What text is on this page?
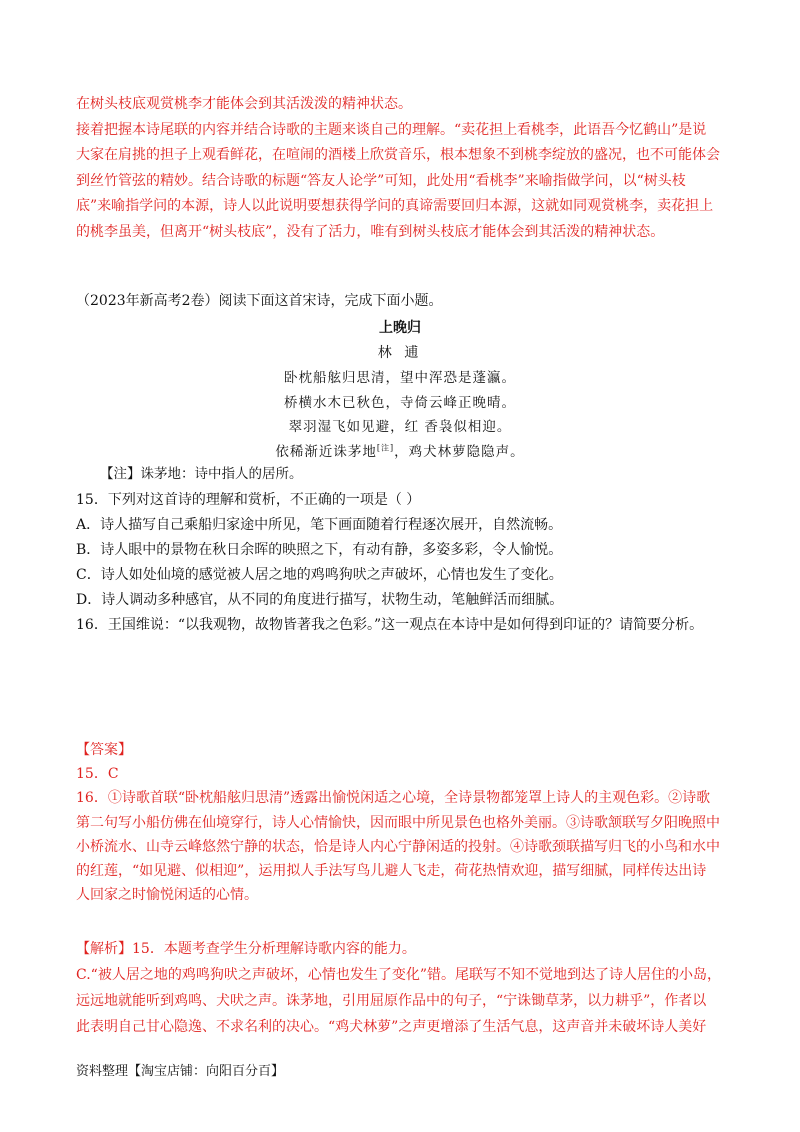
在树头枝底观赏桃李才能体会到其活泼泼的精神状态。
接着把握本诗尾联的内容并结合诗歌的主题来谈自己的理解。“卖花担上看桃李，此语吾今忆鹤山”是说
大家在肩挑的担子上观看鲜花，在喧闹的酒楼上欣赏音乐，根本想象不到桃李绽放的盛况，也不可能体会
到丝竹管弦的精妙。结合诗歌的标题“答友人论学”可知，此处用“看桃李”来喻指做学问，以“树头枝
底”来喻指学问的本源，诗人以此说明要想获得学问的真谛需要回归本源，这就如同观赏桃李，卖花担上
的桃李虽美，但离开“树头枝底”，没有了活力，唯有到树头枝底才能体会到其活泼的精神状态。
（2023年新高考2卷）阅读下面这首宋诗，完成下面小题。
上晚归
林 逋
卧枕船舷归思清，望中浑恐是蓬瀛。
桥横水木已秋色，寺倚云峰正晚晴。
翠羽湿飞如见避，红 香袅似相迎。
依稀渐近诛茅地[注]，鸡犬林萝隐隐声。
【注】诛茅地：诗中指人的居所。
15．下列对这首诗的理解和赏析，不正确的一项是（ ）
A．诗人描写自己乘船归家途中所见，笔下画面随着行程逐次展开，自然流畅。
B．诗人眼中的景物在秋日余晖的映照之下，有动有静，多姿多彩，令人愉悦。
C．诗人如处仙境的感觉被人居之地的鸡鸣狗吠之声破坏，心情也发生了变化。
D．诗人调动多种感官，从不同的角度进行描写，状物生动，笔触鲜活而细腻。
16．王国维说：“以我观物，故物皆著我之色彩。”这一观点在本诗中是如何得到印证的？请简要分析。
【答案】
15．C
16．①诗歌首联“卧枕船舷归思清”透露出愉悦闲适之心境，全诗景物都笼罩上诗人的主观色彩。②诗歌
第二句写小船仿佛在仙境穿行，诗人心情愉快，因而眼中所见景色也格外美丽。③诗歌颔联写夕阳晚照中
小桥流水、山寺云峰悠然宁静的状态，恰是诗人内心宁静闲适的投射。④诗歌颈联描写归飞的小鸟和水中
的红莲，“如见避、似相迎”，运用拟人手法写鸟儿避人飞走，荷花热情欢迎，描写细腻，同样传达出诗
人回家之时愉悦闲适的心情。
【解析】15．本题考查学生分析理解诗歌内容的能力。
C.“被人居之地的鸡鸣狗吠之声破坏，心情也发生了变化”错。尾联写不知不觉地到达了诗人居住的小岛，
远远地就能听到鸡鸣、犬吠之声。诛茅地，引用屈原作品中的句子，“宁诛锄草茅，以力耕乎”，作者以
此表明自己甘心隐逸、不求名利的决心。“鸡犬林萝”之声更增添了生活气息，这声音并未破坏诗人美好
资料整理【淘宝店铺：向阳百分百】
